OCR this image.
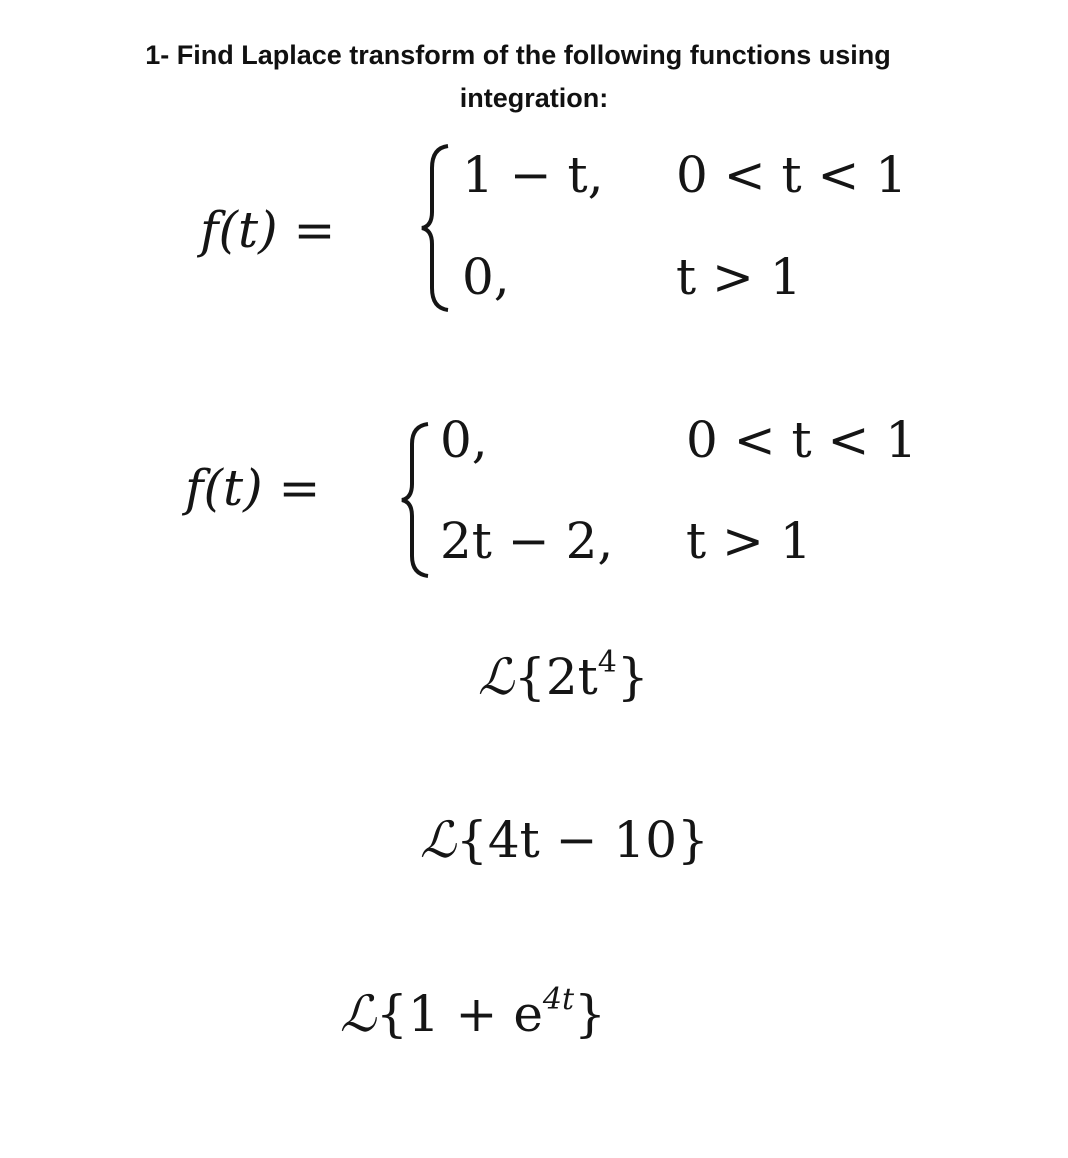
1- Find Laplace transform of the following functions using
integration:
f(t) =
1 − t, 0 < t < 1
0,	t > 1
f(t) =
0,	0 < t < 1
2t − 2, t > 1
$ℒ\{2t^4\}$
ℒ{4t − 10}
ℒ{1 + $e^{4t}$}
